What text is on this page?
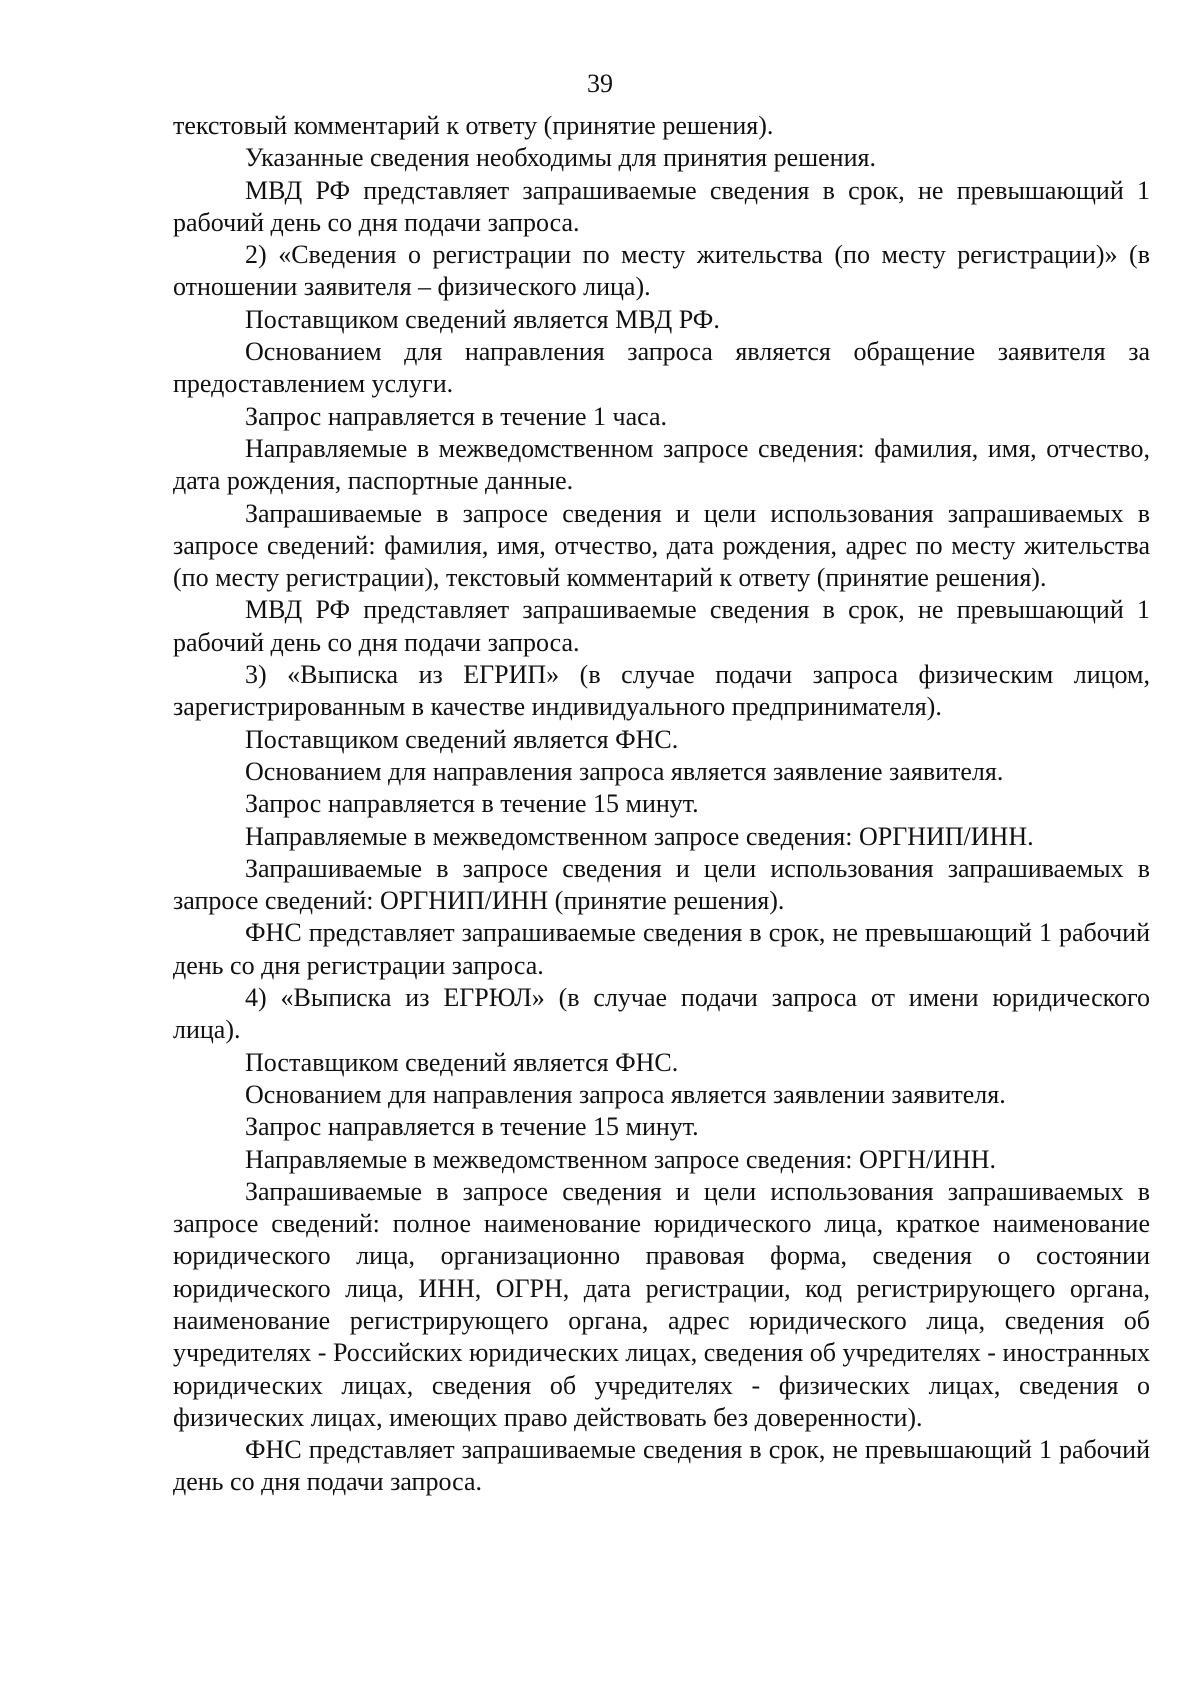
39

текстовый комментарий к ответу (принятие решения).

Указанные сведения необходимы для принятия решения.

МВД РФ представляет запрашиваемые сведения в срок, не превышающий 1 рабочий день со дня подачи запроса.

2) «Сведения о регистрации по месту жительства (по месту регистрации)» (в отношении заявителя – физического лица).

Поставщиком сведений является МВД РФ.

Основанием для направления запроса является обращение заявителя за предоставлением услуги.

Запрос направляется в течение 1 часа.

Направляемые в межведомственном запросе сведения: фамилия, имя, отчество, дата рождения, паспортные данные.

Запрашиваемые в запросе сведения и цели использования запрашиваемых в запросе сведений: фамилия, имя, отчество, дата рождения, адрес по месту жительства (по месту регистрации), текстовый комментарий к ответу (принятие решения).

МВД РФ представляет запрашиваемые сведения в срок, не превышающий 1 рабочий день со дня подачи запроса.

3) «Выписка из ЕГРИП» (в случае подачи запроса физическим лицом, зарегистрированным в качестве индивидуального предпринимателя).

Поставщиком сведений является ФНС.

Основанием для направления запроса является заявление заявителя.

Запрос направляется в течение 15 минут.

Направляемые в межведомственном запросе сведения: ОРГНИП/ИНН.

Запрашиваемые в запросе сведения и цели использования запрашиваемых в запросе сведений: ОРГНИП/ИНН (принятие решения).

ФНС представляет запрашиваемые сведения в срок, не превышающий 1 рабочий день со дня регистрации запроса.

4) «Выписка из ЕГРЮЛ» (в случае подачи запроса от имени юридического лица).

Поставщиком сведений является ФНС.

Основанием для направления запроса является заявлении заявителя.

Запрос направляется в течение 15 минут.

Направляемые в межведомственном запросе сведения: ОРГН/ИНН.

Запрашиваемые в запросе сведения и цели использования запрашиваемых в запросе сведений: полное наименование юридического лица, краткое наименование юридического лица, организационно правовая форма, сведения о состоянии юридического лица, ИНН, ОГРН, дата регистрации, код регистрирующего органа, наименование регистрирующего органа, адрес юридического лица, сведения об учредителях - Российских юридических лицах, сведения об учредителях - иностранных юридических лицах, сведения об учредителях - физических лицах, сведения о физических лицах, имеющих право действовать без доверенности).

ФНС представляет запрашиваемые сведения в срок, не превышающий 1 рабочий день со дня подачи запроса.
